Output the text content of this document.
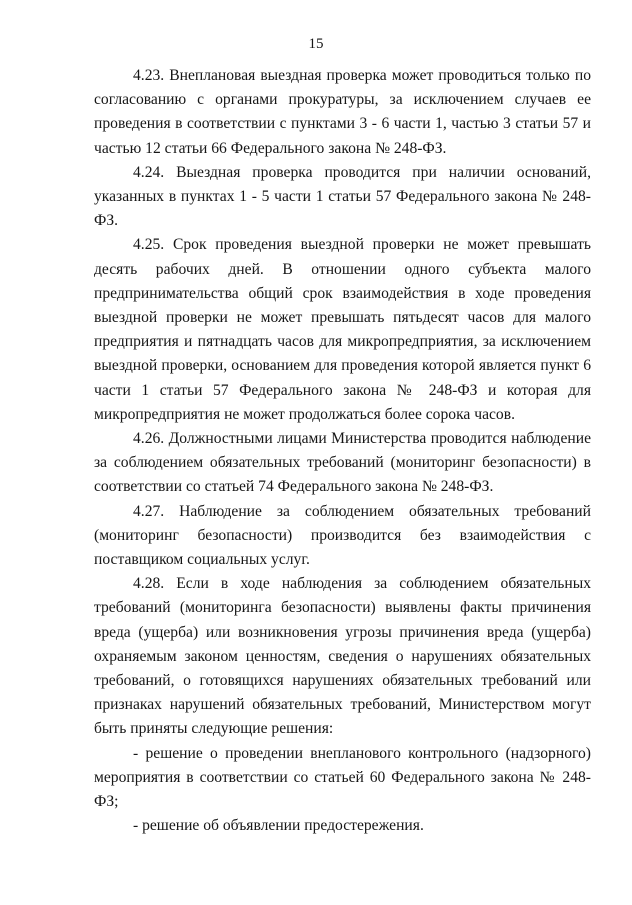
15

4.23. Внеплановая выездная проверка может проводиться только по согласованию с органами прокуратуры, за исключением случаев ее проведения в соответствии с пунктами 3 - 6 части 1, частью 3 статьи 57 и частью 12 статьи 66 Федерального закона № 248-ФЗ.

4.24. Выездная проверка проводится при наличии оснований, указанных в пунктах 1 - 5 части 1 статьи 57 Федерального закона № 248-ФЗ.

4.25. Срок проведения выездной проверки не может превышать десять рабочих дней. В отношении одного субъекта малого предпринимательства общий срок взаимодействия в ходе проведения выездной проверки не может превышать пятьдесят часов для малого предприятия и пятнадцать часов для микропредприятия, за исключением выездной проверки, основанием для проведения которой является пункт 6 части 1 статьи 57 Федерального закона № 248-ФЗ и которая для микропредприятия не может продолжаться более сорока часов.

4.26. Должностными лицами Министерства проводится наблюдение за соблюдением обязательных требований (мониторинг безопасности) в соответствии со статьей 74 Федерального закона № 248-ФЗ.

4.27. Наблюдение за соблюдением обязательных требований (мониторинг безопасности) производится без взаимодействия с поставщиком социальных услуг.

4.28. Если в ходе наблюдения за соблюдением обязательных требований (мониторинга безопасности) выявлены факты причинения вреда (ущерба) или возникновения угрозы причинения вреда (ущерба) охраняемым законом ценностям, сведения о нарушениях обязательных требований, о готовящихся нарушениях обязательных требований или признаках нарушений обязательных требований, Министерством могут быть приняты следующие решения:

- решение о проведении внепланового контрольного (надзорного) мероприятия в соответствии со статьей 60 Федерального закона № 248-ФЗ;

- решение об объявлении предостережения.
